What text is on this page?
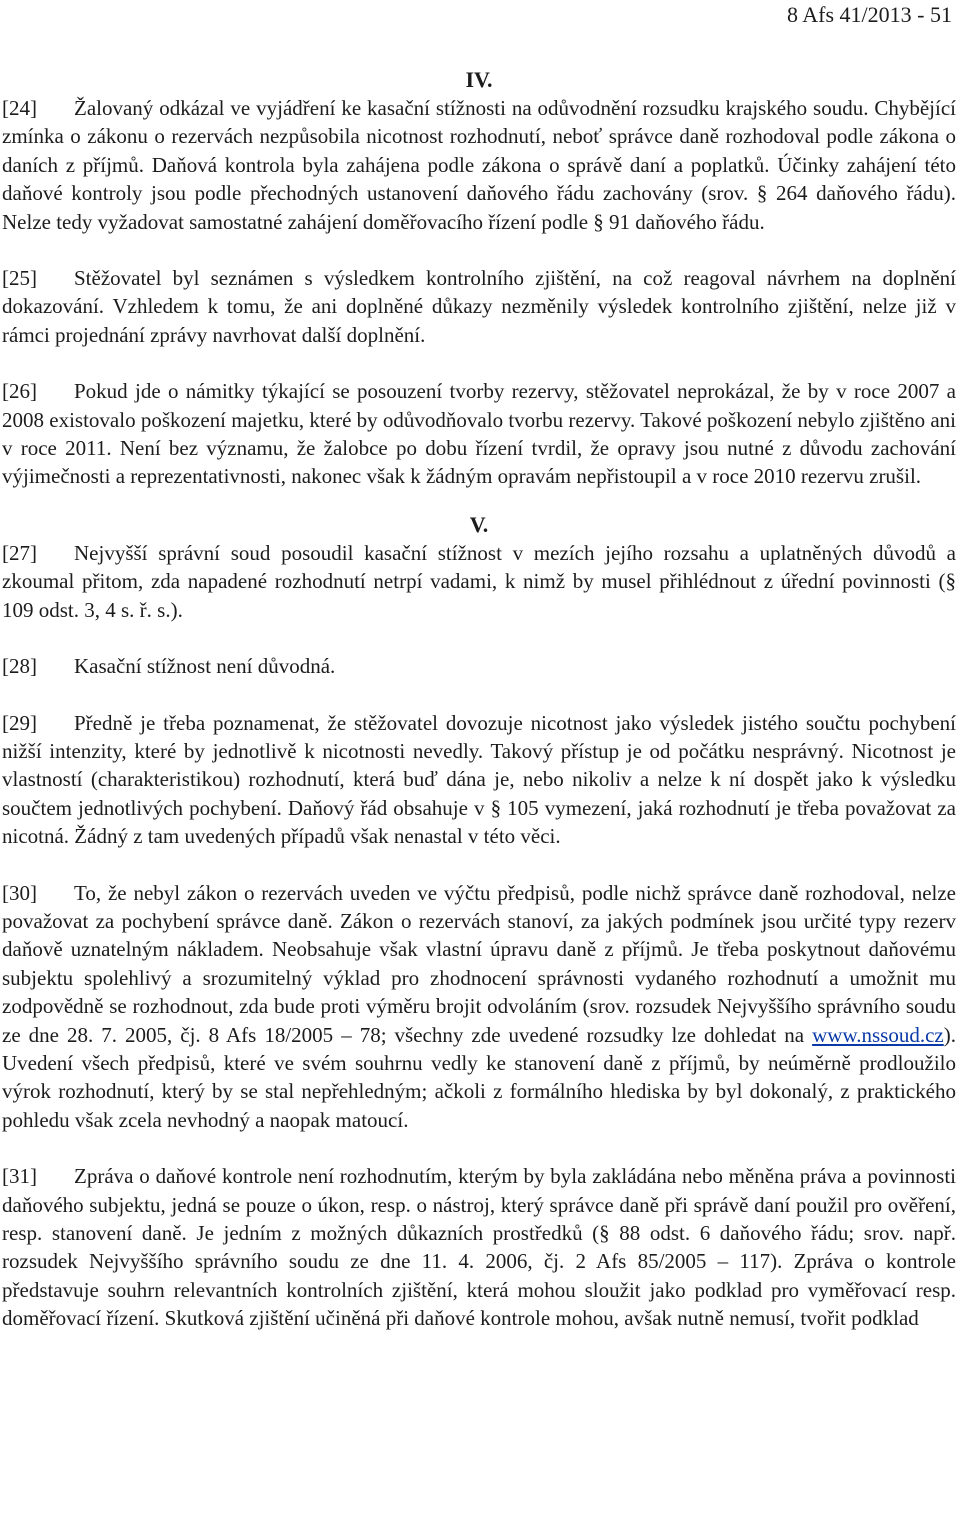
8 Afs 41/2013 - 51
IV.

[24] Žalovaný odkázal ve vyjádření ke kasační stížnosti na odůvodnění rozsudku krajského soudu. Chybějící zmínka o zákonu o rezervách nezpůsobila nicotnost rozhodnutí, neboť správce daně rozhodoval podle zákona o daních z příjmů. Daňová kontrola byla zahájena podle zákona o správě daní a poplatků. Účinky zahájení této daňové kontroly jsou podle přechodných ustanovení daňového řádu zachovány (srov. § 264 daňového řádu). Nelze tedy vyžadovat samostatné zahájení doměřovacího řízení podle § 91 daňového řádu.

[25] Stěžovatel byl seznámen s výsledkem kontrolního zjištění, na což reagoval návrhem na doplnění dokazování. Vzhledem k tomu, že ani doplněné důkazy nezměnily výsledek kontrolního zjištění, nelze již v rámci projednání zprávy navrhovat další doplnění.

[26] Pokud jde o námitky týkající se posouzení tvorby rezervy, stěžovatel neprokázal, že by v roce 2007 a 2008 existovalo poškození majetku, které by odůvodňovalo tvorbu rezervy. Takové poškození nebylo zjištěno ani v roce 2011. Není bez významu, že žalobce po dobu řízení tvrdil, že opravy jsou nutné z důvodu zachování výjimečnosti a reprezentativnosti, nakonec však k žádným opravám nepřistoupil a v roce 2010 rezervu zrušil.

V.

[27] Nejvyšší správní soud posoudil kasační stížnost v mezích jejího rozsahu a uplatněných důvodů a zkoumal přitom, zda napadené rozhodnutí netrpí vadami, k nimž by musel přihlédnout z úřední povinnosti (§ 109 odst. 3, 4 s. ř. s.).

[28] Kasační stížnost není důvodná.

[29] Předně je třeba poznamenat, že stěžovatel dovozuje nicotnost jako výsledek jistého součtu pochybení nižší intenzity, které by jednotlivě k nicotnosti nevedly. Takový přístup je od počátku nesprávný. Nicotnost je vlastností (charakteristikou) rozhodnutí, která buď dána je, nebo nikoliv a nelze k ní dospět jako k výsledku součtem jednotlivých pochybení. Daňový řád obsahuje v § 105 vymezení, jaká rozhodnutí je třeba považovat za nicotná. Žádný z tam uvedených případů však nenastal v této věci.

[30] To, že nebyl zákon o rezervách uveden ve výčtu předpisů, podle nichž správce daně rozhodoval, nelze považovat za pochybení správce daně. Zákon o rezervách stanoví, za jakých podmínek jsou určité typy rezerv daňově uznatelným nákladem. Neobsahuje však vlastní úpravu daně z příjmů. Je třeba poskytnout daňovému subjektu spolehlivý a srozumitelný výklad pro zhodnocení správnosti vydaného rozhodnutí a umožnit mu zodpovědně se rozhodnout, zda bude proti výměru brojit odvoláním (srov. rozsudek Nejvyššího správního soudu ze dne 28. 7. 2005, čj. 8 Afs 18/2005 – 78; všechny zde uvedené rozsudky lze dohledat na www.nssoud.cz). Uvedení všech předpisů, které ve svém souhrnu vedly ke stanovení daně z příjmů, by neúměrně prodloužilo výrok rozhodnutí, který by se stal nepřehledným; ačkoli z formálního hlediska by byl dokonalý, z praktického pohledu však zcela nevhodný a naopak matoucí.

[31] Zpráva o daňové kontrole není rozhodnutím, kterým by byla zakládána nebo měněna práva a povinnosti daňového subjektu, jedná se pouze o úkon, resp. o nástroj, který správce daně při správě daní použil pro ověření, resp. stanovení daně. Je jedním z možných důkazních prostředků (§ 88 odst. 6 daňového řádu; srov. např. rozsudek Nejvyššího správního soudu ze dne 11. 4. 2006, čj. 2 Afs 85/2005 – 117). Zpráva o kontrole představuje souhrn relevantních kontrolních zjištění, která mohou sloužit jako podklad pro vyměřovací resp. doměřovací řízení. Skutková zjištění učiněná při daňové kontrole mohou, avšak nutně nemusí, tvořit podklad
